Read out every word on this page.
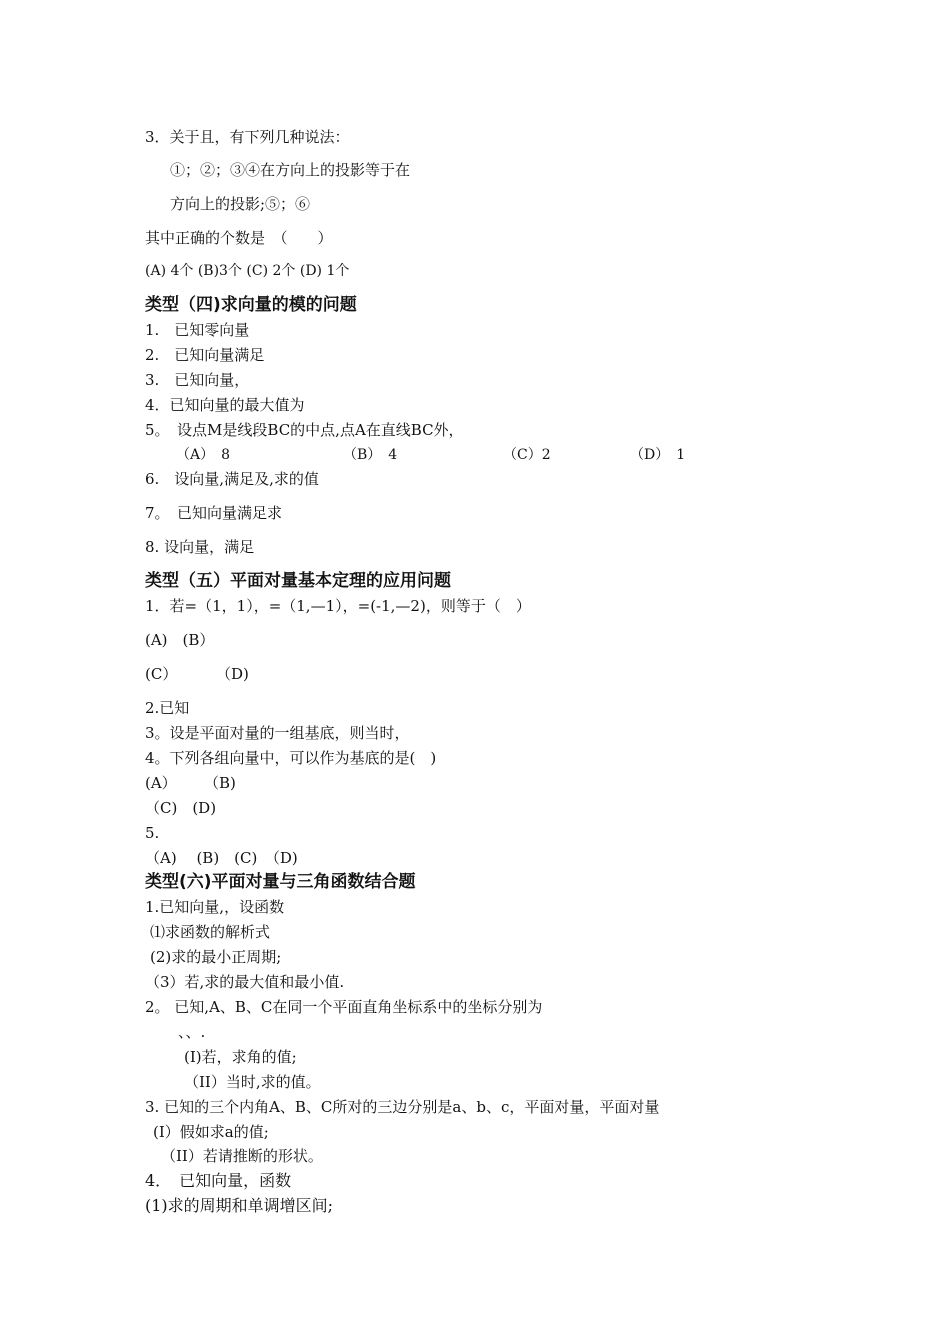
3．关于且，有下列几种说法：
①；②；③④在方向上的投影等于在
方向上的投影;⑤；⑥
其中正确的个数是　（　　）
(A) 4个 (B)3个 (C) 2个 (D) 1个
类型（四)求向量的模的问题
1.　已知零向量
2.　已知向量满足
3.　已知向量，
4．已知向量的最大值为
5。　设点M是线段BC的中点,点A在直线BC外，
（A）　8	（B）　4	（C）2	（D）　1
6.　设向量,满足及,求的值
7。　已知向量满足求
8. 设向量，满足
类型（五）平面对量基本定理的应用问题
1．若=（1，1），=（1,—1），=(-1,—2)，则等于（　）
(A)　(B）
(C）	（D)
2.已知
3。设是平面对量的一组基底，则当时，
4。下列各组向量中，可以作为基底的是(　)
(A） （B)
（C)　(D)
5.
（A)　 (B)　(C)　（D)
类型(六)平面对量与三角函数结合题
1.已知向量,，设函数
⑴求函数的解析式
(2)求的最小正周期;
（3）若,求的最大值和最小值.
2。 已知,A、B、C在同一个平面直角坐标系中的坐标分别为
、、.
(I)若，求角的值;
（II）当时,求的值。
3. 已知的三个内角A、B、C所对的三边分别是a、b、c，平面对量，平面对量
(I）假如求a的值;
（II）若请推断的形状。
4．　已知向量，函数
(1)求的周期和单调增区间;
